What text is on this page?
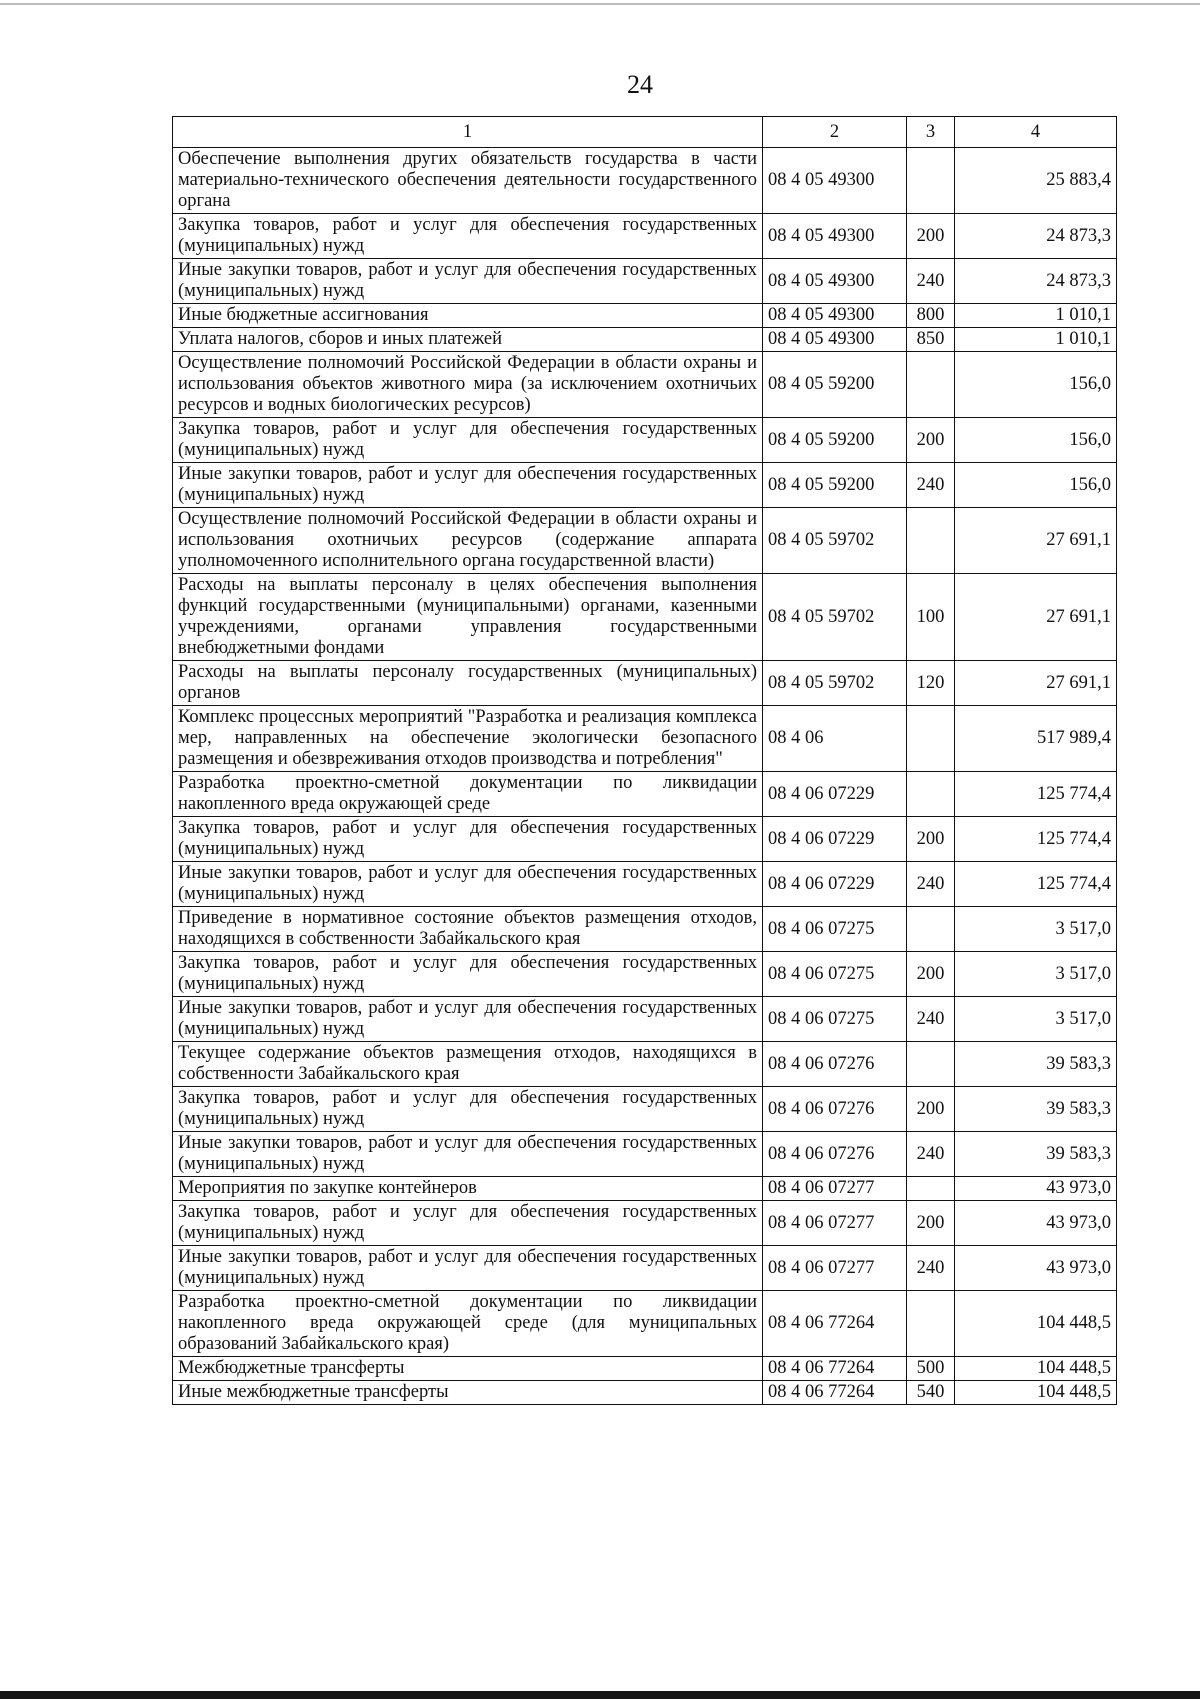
24
1	2	3	4
Обеспечение выполнения других обязательств государства в части материально-технического обеспечения деятельности государственного органа	08 4 05 49300		25 883,4
Закупка товаров, работ и услуг для обеспечения государственных (муниципальных) нужд	08 4 05 49300	200	24 873,3
Иные закупки товаров, работ и услуг для обеспечения государственных (муниципальных) нужд	08 4 05 49300	240	24 873,3
Иные бюджетные ассигнования	08 4 05 49300	800	1 010,1
Уплата налогов, сборов и иных платежей	08 4 05 49300	850	1 010,1
Осуществление полномочий Российской Федерации в области охраны и использования объектов животного мира (за исключением охотничьих ресурсов и водных биологических ресурсов)	08 4 05 59200		156,0
Закупка товаров, работ и услуг для обеспечения государственных (муниципальных) нужд	08 4 05 59200	200	156,0
Иные закупки товаров, работ и услуг для обеспечения государственных (муниципальных) нужд	08 4 05 59200	240	156,0
Осуществление полномочий Российской Федерации в области охраны и использования охотничьих ресурсов (содержание аппарата уполномоченного исполнительного органа государственной власти)	08 4 05 59702		27 691,1
Расходы на выплаты персоналу в целях обеспечения выполнения функций государственными (муниципальными) органами, казенными учреждениями, органами управления государственными внебюджетными фондами	08 4 05 59702	100	27 691,1
Расходы на выплаты персоналу государственных (муниципальных) органов	08 4 05 59702	120	27 691,1
Комплекс процессных мероприятий "Разработка и реализация комплекса мер, направленных на обеспечение экологически безопасного размещения и обезвреживания отходов производства и потребления"	08 4 06		517 989,4
Разработка проектно-сметной документации по ликвидации накопленного вреда окружающей среде	08 4 06 07229		125 774,4
Закупка товаров, работ и услуг для обеспечения государственных (муниципальных) нужд	08 4 06 07229	200	125 774,4
Иные закупки товаров, работ и услуг для обеспечения государственных (муниципальных) нужд	08 4 06 07229	240	125 774,4
Приведение в нормативное состояние объектов размещения отходов, находящихся в собственности Забайкальского края	08 4 06 07275		3 517,0
Закупка товаров, работ и услуг для обеспечения государственных (муниципальных) нужд	08 4 06 07275	200	3 517,0
Иные закупки товаров, работ и услуг для обеспечения государственных (муниципальных) нужд	08 4 06 07275	240	3 517,0
Текущее содержание объектов размещения отходов, находящихся в собственности Забайкальского края	08 4 06 07276		39 583,3
Закупка товаров, работ и услуг для обеспечения государственных (муниципальных) нужд	08 4 06 07276	200	39 583,3
Иные закупки товаров, работ и услуг для обеспечения государственных (муниципальных) нужд	08 4 06 07276	240	39 583,3
Мероприятия по закупке контейнеров	08 4 06 07277		43 973,0
Закупка товаров, работ и услуг для обеспечения государственных (муниципальных) нужд	08 4 06 07277	200	43 973,0
Иные закупки товаров, работ и услуг для обеспечения государственных (муниципальных) нужд	08 4 06 07277	240	43 973,0
Разработка проектно-сметной документации по ликвидации накопленного вреда окружающей среде (для муниципальных образований Забайкальского края)	08 4 06 77264		104 448,5
Межбюджетные трансферты	08 4 06 77264	500	104 448,5
Иные межбюджетные трансферты	08 4 06 77264	540	104 448,5
